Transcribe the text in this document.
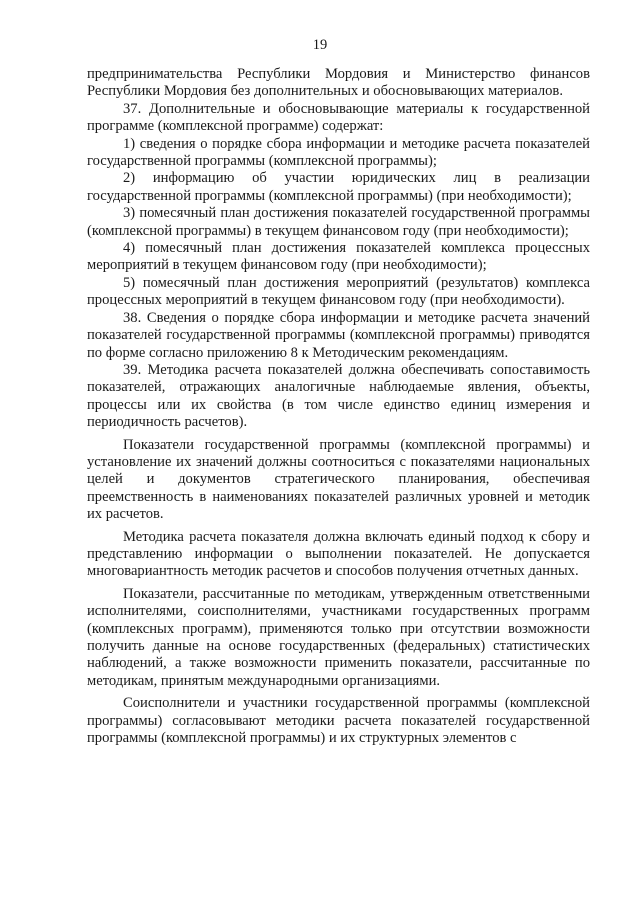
19

предпринимательства Республики Мордовия и Министерство финансов Республики Мордовия без дополнительных и обосновывающих материалов.

37. Дополнительные и обосновывающие материалы к государственной программе (комплексной программе) содержат:

1) сведения о порядке сбора информации и методике расчета показателей государственной программы (комплексной программы);

2) информацию об участии юридических лиц в реализации государственной программы (комплексной программы) (при необходимости);

3) помесячный план достижения показателей государственной программы (комплексной программы) в текущем финансовом году (при необходимости);

4) помесячный план достижения показателей комплекса процессных мероприятий в текущем финансовом году (при необходимости);

5) помесячный план достижения мероприятий (результатов) комплекса процессных мероприятий в текущем финансовом году (при необходимости).

38. Сведения о порядке сбора информации и методике расчета значений показателей государственной программы (комплексной программы) приводятся по форме согласно приложению 8 к Методическим рекомендациям.

39. Методика расчета показателей должна обеспечивать сопоставимость показателей, отражающих аналогичные наблюдаемые явления, объекты, процессы или их свойства (в том числе единство единиц измерения и периодичность расчетов).

Показатели государственной программы (комплексной программы) и установление их значений должны соотноситься с показателями национальных целей и документов стратегического планирования, обеспечивая преемственность в наименованиях показателей различных уровней и методик их расчетов.

Методика расчета показателя должна включать единый подход к сбору и представлению информации о выполнении показателей. Не допускается многовариантность методик расчетов и способов получения отчетных данных.

Показатели, рассчитанные по методикам, утвержденным ответственными исполнителями, соисполнителями, участниками государственных программ (комплексных программ), применяются только при отсутствии возможности получить данные на основе государственных (федеральных) статистических наблюдений, а также возможности применить показатели, рассчитанные по методикам, принятым международными организациями.

Соисполнители и участники государственной программы (комплексной программы) согласовывают методики расчета показателей государственной программы (комплексной программы) и их структурных элементов с
